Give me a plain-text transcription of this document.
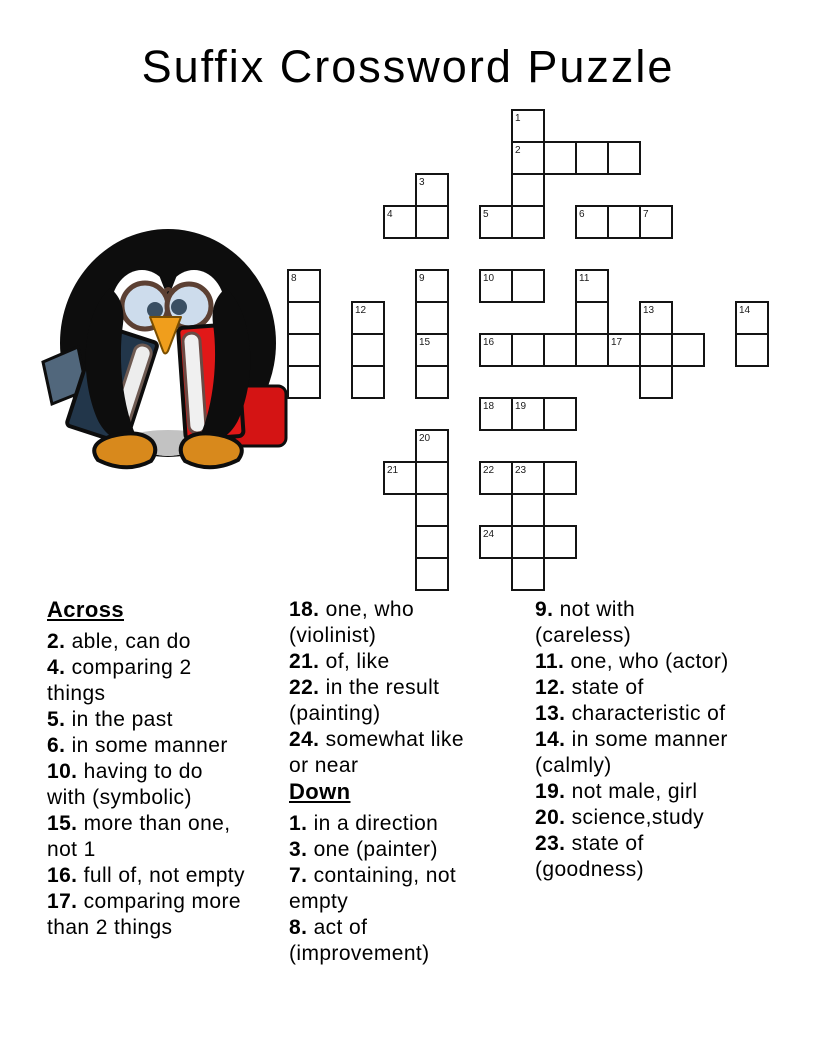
Suffix Crossword Puzzle
1
2
3
4	5	6	7
8	9	10	11
12	13	14
15	16	17
18 19
20
21	22 23
24
Across
2. able, can do
4. comparing 2
things
5. in the past
6. in some manner
10. having to do
with (symbolic)
15. more than one,
not 1
16. full of, not empty
17. comparing more
than 2 things
18. one, who
(violinist)
21. of, like
22. in the result
(painting)
24. somewhat like
or near
Down
1. in a direction
3. one (painter)
7. containing, not
empty
8. act of
(improvement)
9. not with
(careless)
11. one, who (actor)
12. state of
13. characteristic of
14. in some manner
(calmly)
19. not male, girl
20. science,study
23. state of
(goodness)
